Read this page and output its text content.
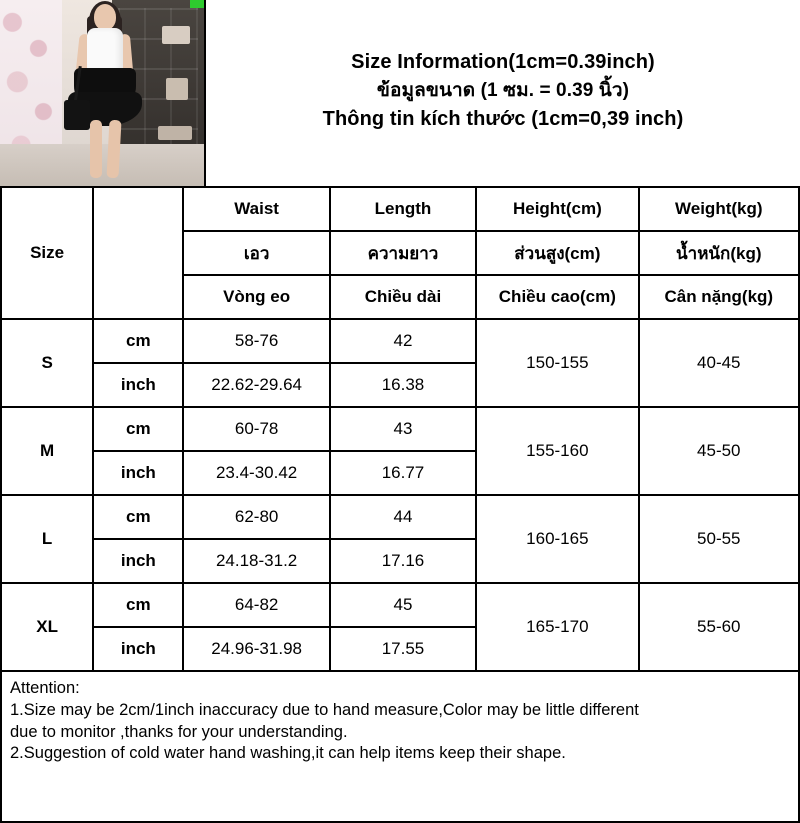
Size Information(1cm=0.39inch)
ข้อมูลขนาด (1 ซม. = 0.39 นิ้ว)
Thông tin kích thước (1cm=0,39 inch)
Size		Waist	Length	Height(cm)	Weight(kg)
		เอว	ความยาว	ส่วนสูง(cm)	น้ำหนัก(kg)
		Vòng eo	Chiều dài	Chiều cao(cm)	Cân nặng(kg)
S	cm	58-76	42	150-155	40-45
	inch	22.62-29.64	16.38		
M	cm	60-78	43	155-160	45-50
	inch	23.4-30.42	16.77		
L	cm	62-80	44	160-165	50-55
	inch	24.18-31.2	17.16		
XL	cm	64-82	45	165-170	55-60
	inch	24.96-31.98	17.55		
Attention:
1.Size may be 2cm/1inch inaccuracy due to hand measure,Color may be little different
due to monitor ,thanks for your understanding.
2.Suggestion of cold water hand washing,it can help items keep their shape.
